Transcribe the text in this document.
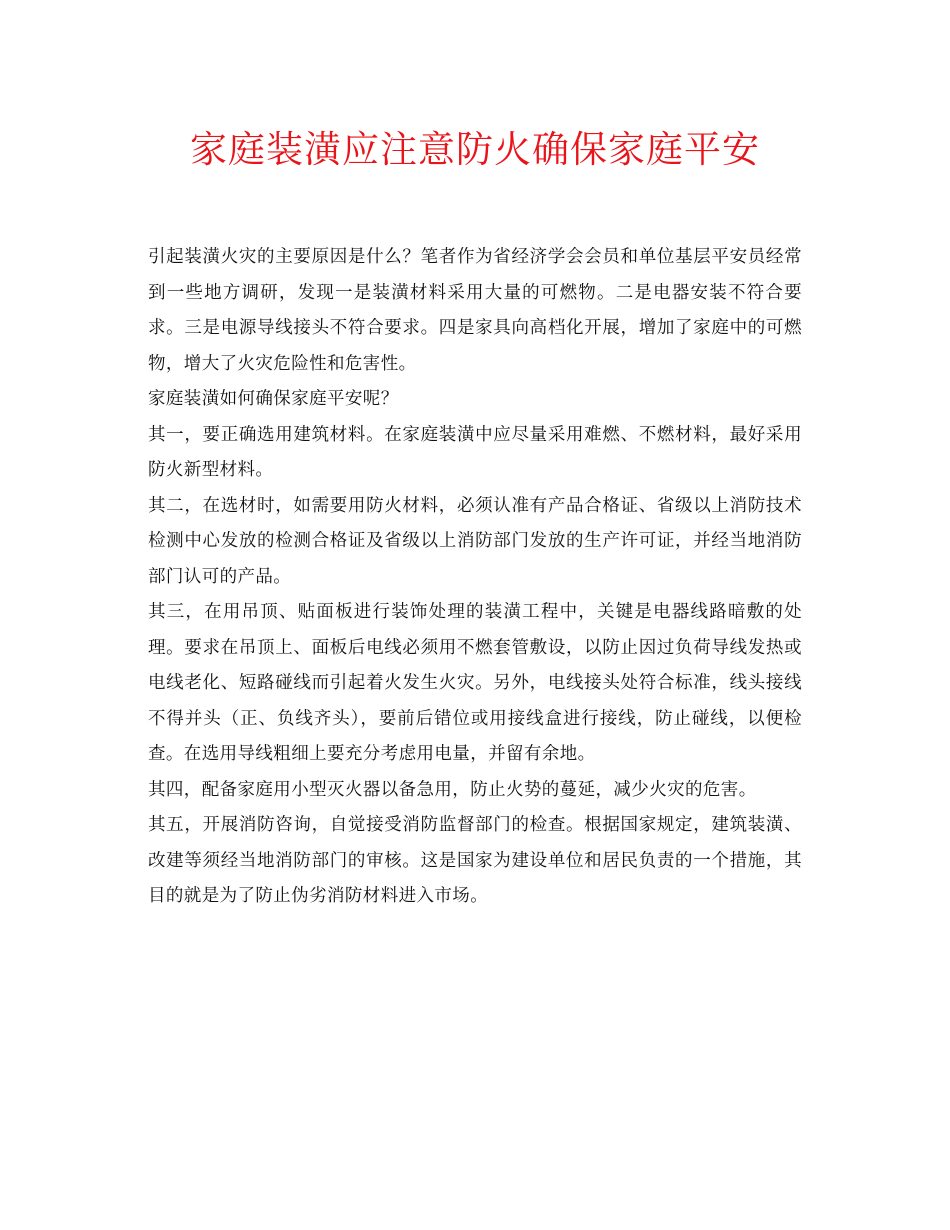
家庭装潢应注意防火确保家庭平安

引起装潢火灾的主要原因是什么？笔者作为省经济学会会员和单位基层平安员经常到一些地方调研，发现一是装潢材料采用大量的可燃物。二是电器安装不符合要求。三是电源导线接头不符合要求。四是家具向高档化开展，增加了家庭中的可燃物，增大了火灾危险性和危害性。

家庭装潢如何确保家庭平安呢？

其一，要正确选用建筑材料。在家庭装潢中应尽量采用难燃、不燃材料，最好采用防火新型材料。

其二，在选材时，如需要用防火材料，必须认准有产品合格证、省级以上消防技术检测中心发放的检测合格证及省级以上消防部门发放的生产许可证，并经当地消防部门认可的产品。

其三，在用吊顶、贴面板进行装饰处理的装潢工程中，关键是电器线路暗敷的处理。要求在吊顶上、面板后电线必须用不燃套管敷设，以防止因过负荷导线发热或电线老化、短路碰线而引起着火发生火灾。另外，电线接头处符合标准，线头接线不得并头（正、负线齐头），要前后错位或用接线盒进行接线，防止碰线，以便检查。在选用导线粗细上要充分考虑用电量，并留有余地。

其四，配备家庭用小型灭火器以备急用，防止火势的蔓延，减少火灾的危害。

其五，开展消防咨询，自觉接受消防监督部门的检查。根据国家规定，建筑装潢、改建等须经当地消防部门的审核。这是国家为建设单位和居民负责的一个措施，其目的就是为了防止伪劣消防材料进入市场。
